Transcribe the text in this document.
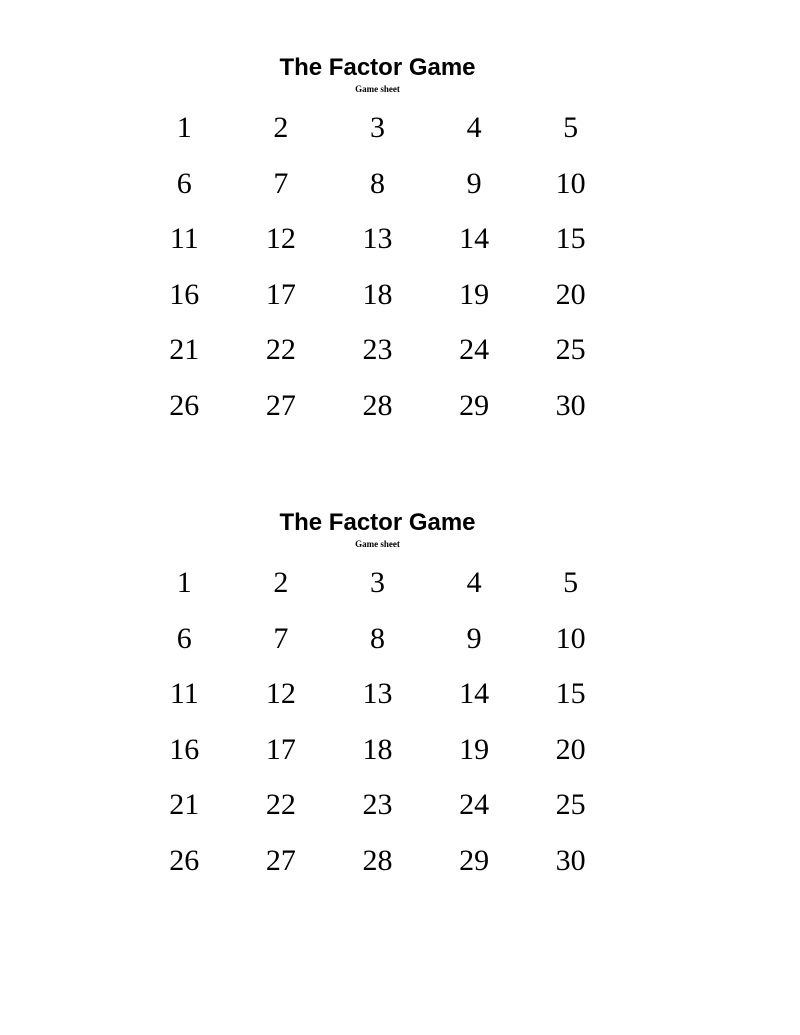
The Factor Game
Game sheet
1	2	3	4	5
6	7	8	9	10
11	12	13	14	15
16	17	18	19	20
21	22	23	24	25
26	27	28	29	30
The Factor Game
Game sheet
1	2	3	4	5
6	7	8	9	10
11	12	13	14	15
16	17	18	19	20
21	22	23	24	25
26	27	28	29	30
